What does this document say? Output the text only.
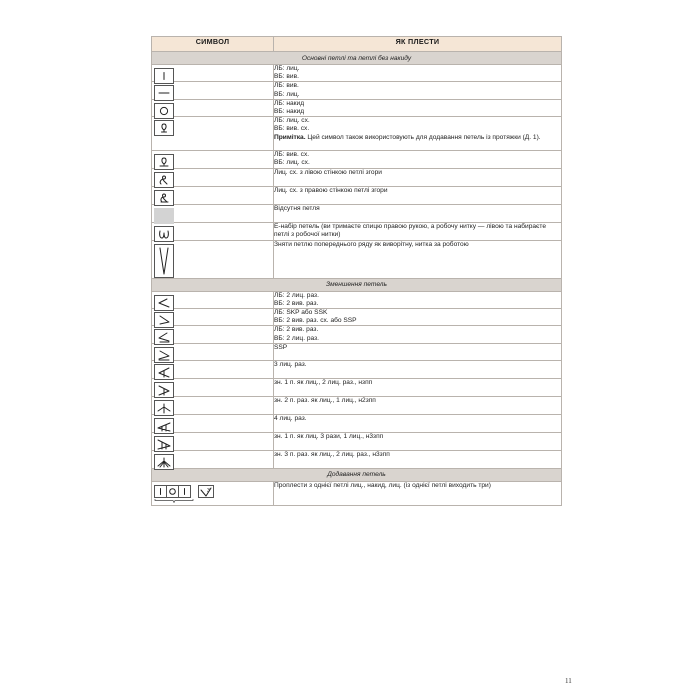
СИМВОЛ	ЯК ПЛЕСТИ
Основні петлі та петлі без накиду	

ЛБ: лиц.
ВБ: вив.

ЛБ: вив.
ВБ: лиц.

ЛБ: накид
ВБ: накид

ЛБ: лиц. сх.
ВБ: вив. сх.
Примітка. Цей символ також використовують для додавання петель із протяжки (Д. 1).

ЛБ: вив. сх.
ВБ: лиц. сх.

Лиц. сх. з лівою стінкою петлі згори

Лиц. сх. з правою стінкою петлі згори

	Відсутня петля

Е-набір петель (ви тримаєте спицю правою рукою, а робочу нитку — лівою та набираєте петлі з робочої нитки)

Зняти петлю попереднього ряду як виворітну, нитка за роботою

Зменшення петель	

ЛБ: 2 лиц. раз.
ВБ: 2 вив. раз.

ЛБ: SKP або SSK
ВБ: 2 вив. раз. сх. або SSP

ЛБ: 2 вив. раз.
ВБ: 2 лиц. раз.

SSP

3 лиц. раз.

зн. 1 п. як лиц., 2 лиц. раз., нзпп

зн. 2 п. раз. як лиц., 1 лиц., н2зпп

4 лиц. раз.

зн. 1 п. як лиц. 3 рази, 1 лиц., н3зпп

зн. 3 п. раз. як лиц., 2 лиц. раз., н3зпп

Додавання петель	

3	Проплести з однієї петлі лиц., накид, лиц. (із однієї петлі виходить три)
11
